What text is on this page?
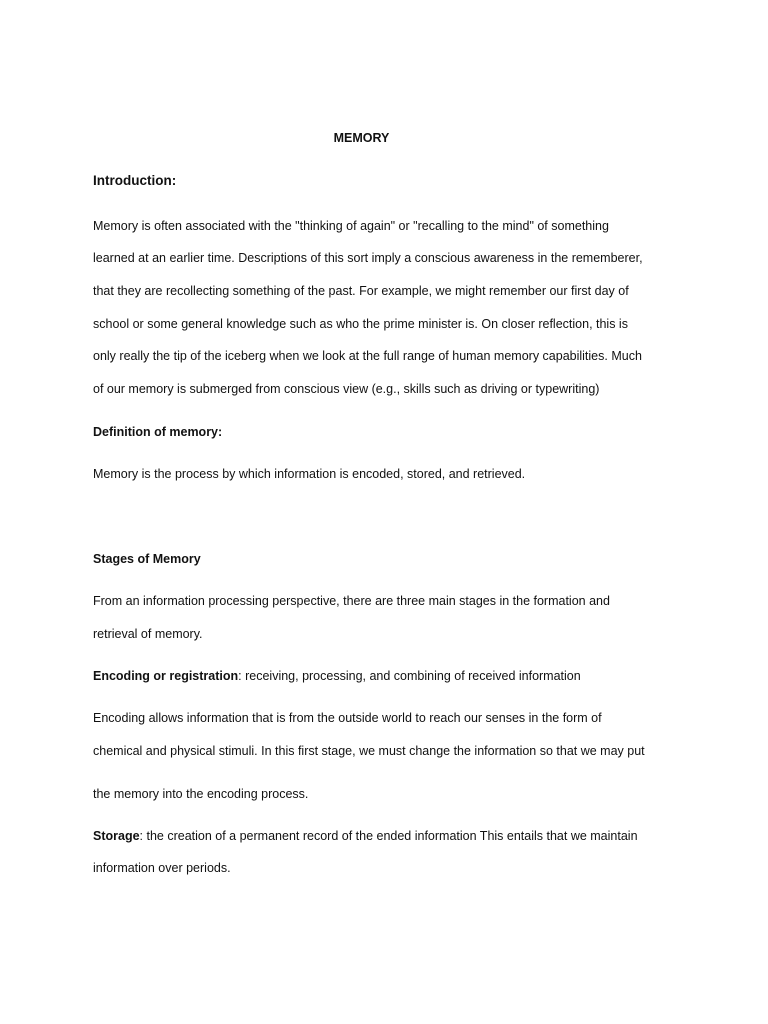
MEMORY
Introduction:
Memory is often associated with the "thinking of again" or "recalling to the mind" of something
learned at an earlier time. Descriptions of this sort imply a conscious awareness in the rememberer,
that they are recollecting something of the past. For example, we might remember our first day of
school or some general knowledge such as who the prime minister is. On closer reflection, this is
only really the tip of the iceberg when we look at the full range of human memory capabilities. Much
of our memory is submerged from conscious view (e.g., skills such as driving or typewriting)
Definition of memory:
Memory is the process by which information is encoded, stored, and retrieved.
Stages of Memory
From an information processing perspective, there are three main stages in the formation and
retrieval of memory.
Encoding or registration: receiving, processing, and combining of received information
Encoding allows information that is from the outside world to reach our senses in the form of
chemical and physical stimuli. In this first stage, we must change the information so that we may put
the memory into the encoding process.
Storage: the creation of a permanent record of the ended information This entails that we maintain
information over periods.
